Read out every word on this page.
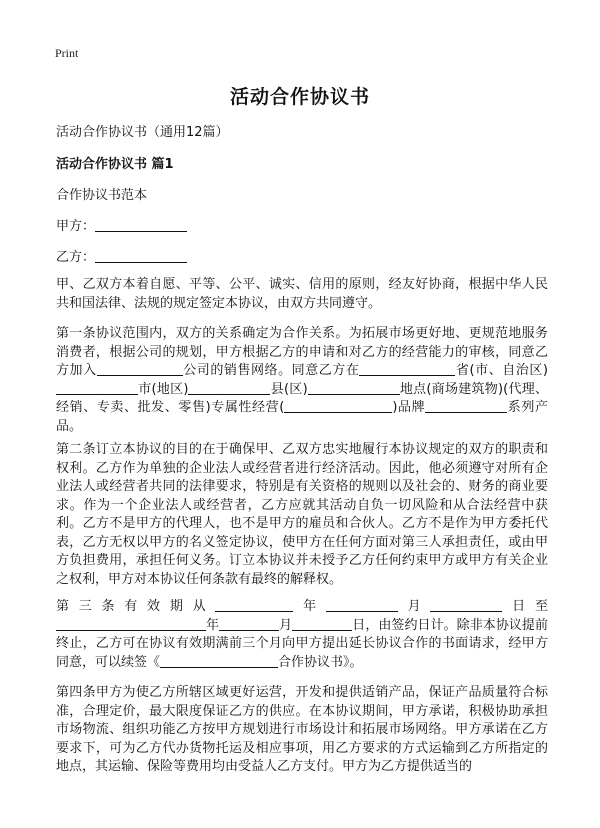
Print
活动合作协议书
活动合作协议书（通用12篇）
活动合作协议书 篇1
合作协议书范本
甲方：
乙方：
甲、乙双方本着自愿、平等、公平、诚实、信用的原则，经友好协商，根据中华人民共和国法律、法规的规定签定本协议，由双方共同遵守。
第一条协议范围内，双方的关系确定为合作关系。为拓展市场更好地、更规范地服务消费者，根据公司的规划，甲方根据乙方的申请和对乙方的经营能力的审核，同意乙方加入	公司的销售网络。同意乙方在	省(市、自治区)市(地区)	县(区)	地点(商场建筑物)(代理、经销、专卖、批发、零售)专属性经营(	)品牌	系列产品。
第二条订立本协议的目的在于确保甲、乙双方忠实地履行本协议规定的双方的职责和权利。乙方作为单独的企业法人或经营者进行经济活动。因此，他必须遵守对所有企业法人或经营者共同的法律要求，特别是有关资格的规则以及社会的、财务的商业要求。作为一个企业法人或经营者，乙方应就其活动自负一切风险和从合法经营中获利。乙方不是甲方的代理人，也不是甲方的雇员和合伙人。乙方不是作为甲方委托代表，乙方无权以甲方的名义签定协议，使甲方在任何方面对第三人承担责任，或由甲方负担费用，承担任何义务。订立本协议并未授予乙方任何约束甲方或甲方有关企业之权利，甲方对本协议任何条款有最终的解释权。
第三条有效期从	年	月	日至年	月	日，由签约日计。除非本协议提前终止，乙方可在协议有效期满前三个月向甲方提出延长协议合作的书面请求，经甲方同意，可以续签《	合作协议书》。
第四条甲方为使乙方所辖区域更好运营，开发和提供适销产品，保证产品质量符合标准，合理定价，最大限度保证乙方的供应。在本协议期间，甲方承诺，积极协助承担市场物流、组织功能乙方按甲方规划进行市场设计和拓展市场网络。甲方承诺在乙方要求下，可为乙方代办货物托运及相应事项，用乙方要求的方式运输到乙方所指定的地点，其运输、保险等费用均由受益人乙方支付。甲方为乙方提供适当的
